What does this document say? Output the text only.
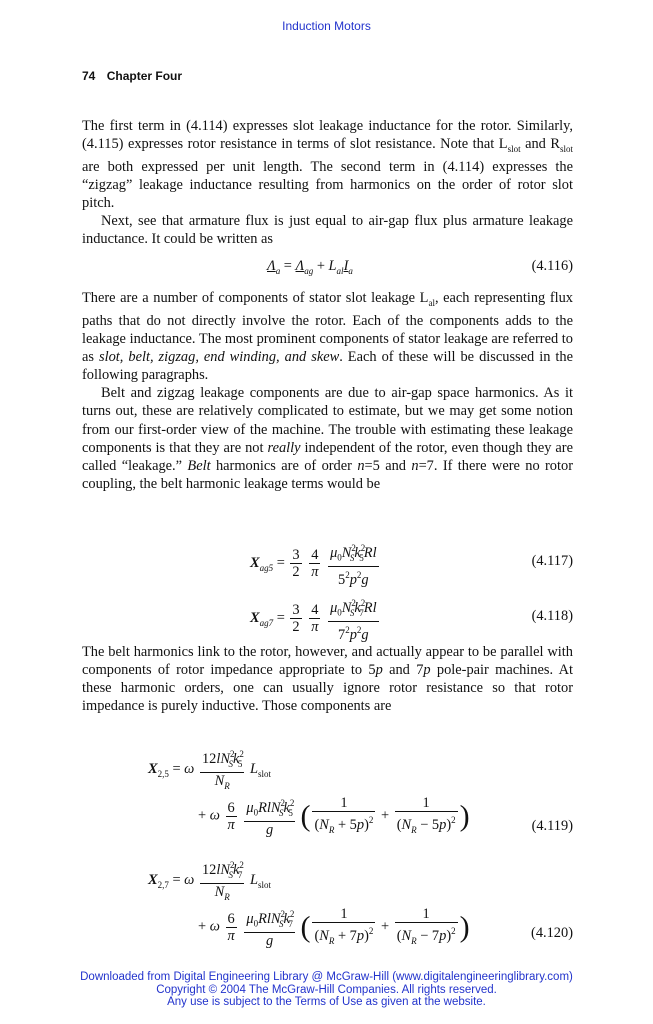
Induction Motors
74 Chapter Four

The first term in (4.114) expresses slot leakage inductance for the rotor. Similarly, (4.115) expresses rotor resistance in terms of slot resistance. Note that $L_{slot}$ and $R_{slot}$ are both expressed per unit length. The second term in (4.114) expresses the “zigzag” leakage inductance resulting from harmonics on the order of rotor slot pitch.

Next, see that armature flux is just equal to air-gap flux plus armature leakage inductance. It could be written as

$\Lambda_a = \Lambda_{ag} + L_{al}I_a$	(4.116)

There are a number of components of stator slot leakage $L_{al}$, each representing flux paths that do not directly involve the rotor. Each of the components adds to the leakage inductance. The most prominent components of stator leakage are referred to as slot, belt, zigzag, end winding, and skew. Each of these will be discussed in the following paragraphs.

Belt and zigzag leakage components are due to air-gap space harmonics. As it turns out, these are relatively complicated to estimate, but we may get some notion from our first-order view of the machine. The trouble with estimating these leakage components is that they are not really independent of the rotor, even though they are called “leakage.” Belt harmonics are of order n=5 and n=7. If there were no rotor coupling, the belt harmonic leakage terms would be

$X_{ag5} = \frac{3}{2}$
$\frac{4}{\pi}$
$\frac{\mu_0N^2_Sk^2_5Rl}{5^2p^2g}$	(4.117)
$X_{ag7} = \frac{3}{2}$
$\frac{4}{\pi}$
$\frac{\mu_0N^2_Sk^2_7Rl}{7^2p^2g}$	(4.118)

The belt harmonics link to the rotor, however, and actually appear to be parallel with components of rotor impedance appropriate to 5p and 7p pole-pair machines. At these harmonic orders, one can usually ignore rotor resistance so that rotor impedance is purely inductive. Those components are

$X_{2,5} = \omega \frac{12lN^2_Sk^2_5}{N_R} L_{slot}$
+ ω $\frac{6}{\pi}$
$\frac{\mu_0RlN^2_Sk^2_5}{g}$ ( $\frac{1}{(N_R + 5p)^2} + \frac{1}{(N_R - 5p)^2}$ )	(4.119)
$X_{2,7} = \omega \frac{12lN^2_Sk^2_7}{N_R} L_{slot}$
+ ω $\frac{6}{\pi}$
$\frac{\mu_0RlN^2_Sk^2_7}{g}$ ( $\frac{1}{(N_R + 7p)^2} + \frac{1}{(N_R - 7p)^2}$ )	(4.120)
Downloaded from Digital Engineering Library @ McGraw-Hill (www.digitalengineeringlibrary.com)
Copyright © 2004 The McGraw-Hill Companies. All rights reserved.
Any use is subject to the Terms of Use as given at the website.
